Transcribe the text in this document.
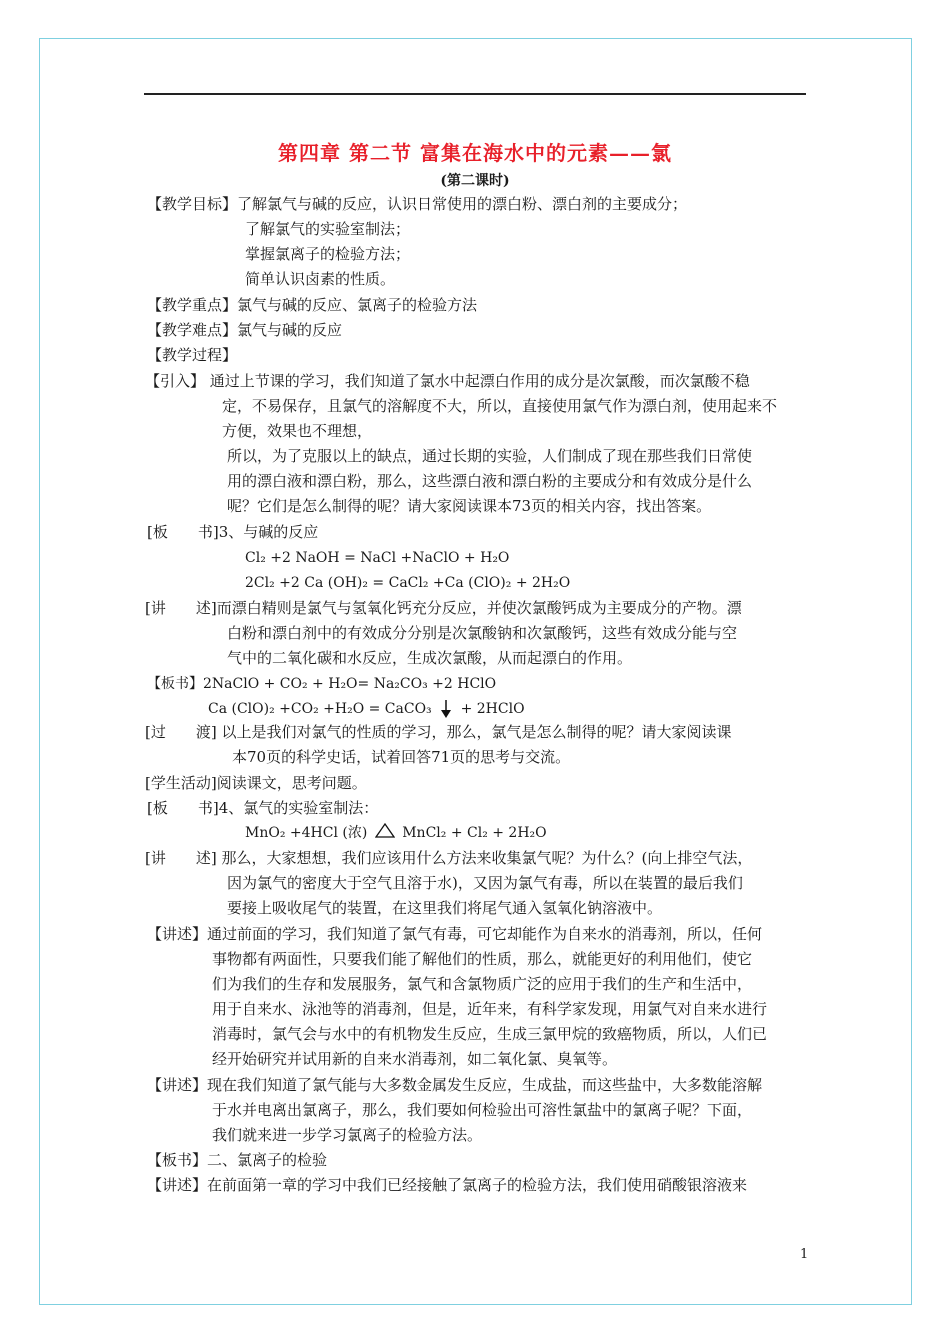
第四章 第二节 富集在海水中的元素——氯
(第二课时)
【教学目标】了解氯气与碱的反应，认识日常使用的漂白粉、漂白剂的主要成分；
了解氯气的实验室制法；
掌握氯离子的检验方法；
简单认识卤素的性质。
【教学重点】氯气与碱的反应、氯离子的检验方法
【教学难点】氯气与碱的反应
【教学过程】
【引入】 通过上节课的学习，我们知道了氯水中起漂白作用的成分是次氯酸，而次氯酸不稳
定，不易保存，且氯气的溶解度不大，所以，直接使用氯气作为漂白剂，使用起来不
方便，效果也不理想，
所以，为了克服以上的缺点，通过长期的实验，人们制成了现在那些我们日常使
用的漂白液和漂白粉，那么，这些漂白液和漂白粉的主要成分和有效成分是什么
呢？它们是怎么制得的呢？请大家阅读课本73页的相关内容，找出答案。
[板　　书]3、与碱的反应
Cl₂ +2 NaOH = NaCl +NaClO + H₂O
2Cl₂ +2 Ca (OH)₂ = CaCl₂ +Ca (ClO)₂ + 2H₂O
[讲　　述]而漂白精则是氯气与氢氧化钙充分反应，并使次氯酸钙成为主要成分的产物。漂
白粉和漂白剂中的有效成分分别是次氯酸钠和次氯酸钙，这些有效成分能与空
气中的二氧化碳和水反应，生成次氯酸，从而起漂白的作用。
【板书】2NaClO + CO₂ + H₂O= Na₂CO₃ +2 HClO
Ca (ClO)₂ +CO₂ +H₂O = CaCO₃ + 2HClO
[过　　渡] 以上是我们对氯气的性质的学习，那么，氯气是怎么制得的呢？请大家阅读课
本70页的科学史话，试着回答71页的思考与交流。
[学生活动]阅读课文，思考问题。
[板　　书]4、氯气的实验室制法：
MnO₂ +4HCl (浓) MnCl₂ + Cl₂ + 2H₂O
[讲　　述] 那么，大家想想，我们应该用什么方法来收集氯气呢？为什么？(向上排空气法，
因为氯气的密度大于空气且溶于水)，又因为氯气有毒，所以在装置的最后我们
要接上吸收尾气的装置，在这里我们将尾气通入氢氧化钠溶液中。
【讲述】通过前面的学习，我们知道了氯气有毒，可它却能作为自来水的消毒剂，所以，任何
事物都有两面性，只要我们能了解他们的性质，那么，就能更好的利用他们，使它
们为我们的生存和发展服务，氯气和含氯物质广泛的应用于我们的生产和生活中，
用于自来水、泳池等的消毒剂，但是，近年来，有科学家发现，用氯气对自来水进行
消毒时，氯气会与水中的有机物发生反应，生成三氯甲烷的致癌物质，所以，人们已
经开始研究并试用新的自来水消毒剂，如二氧化氯、臭氧等。
【讲述】现在我们知道了氯气能与大多数金属发生反应，生成盐，而这些盐中，大多数能溶解
于水并电离出氯离子，那么，我们要如何检验出可溶性氯盐中的氯离子呢？下面，
我们就来进一步学习氯离子的检验方法。
【板书】二、氯离子的检验
【讲述】在前面第一章的学习中我们已经接触了氯离子的检验方法，我们使用硝酸银溶液来
1
